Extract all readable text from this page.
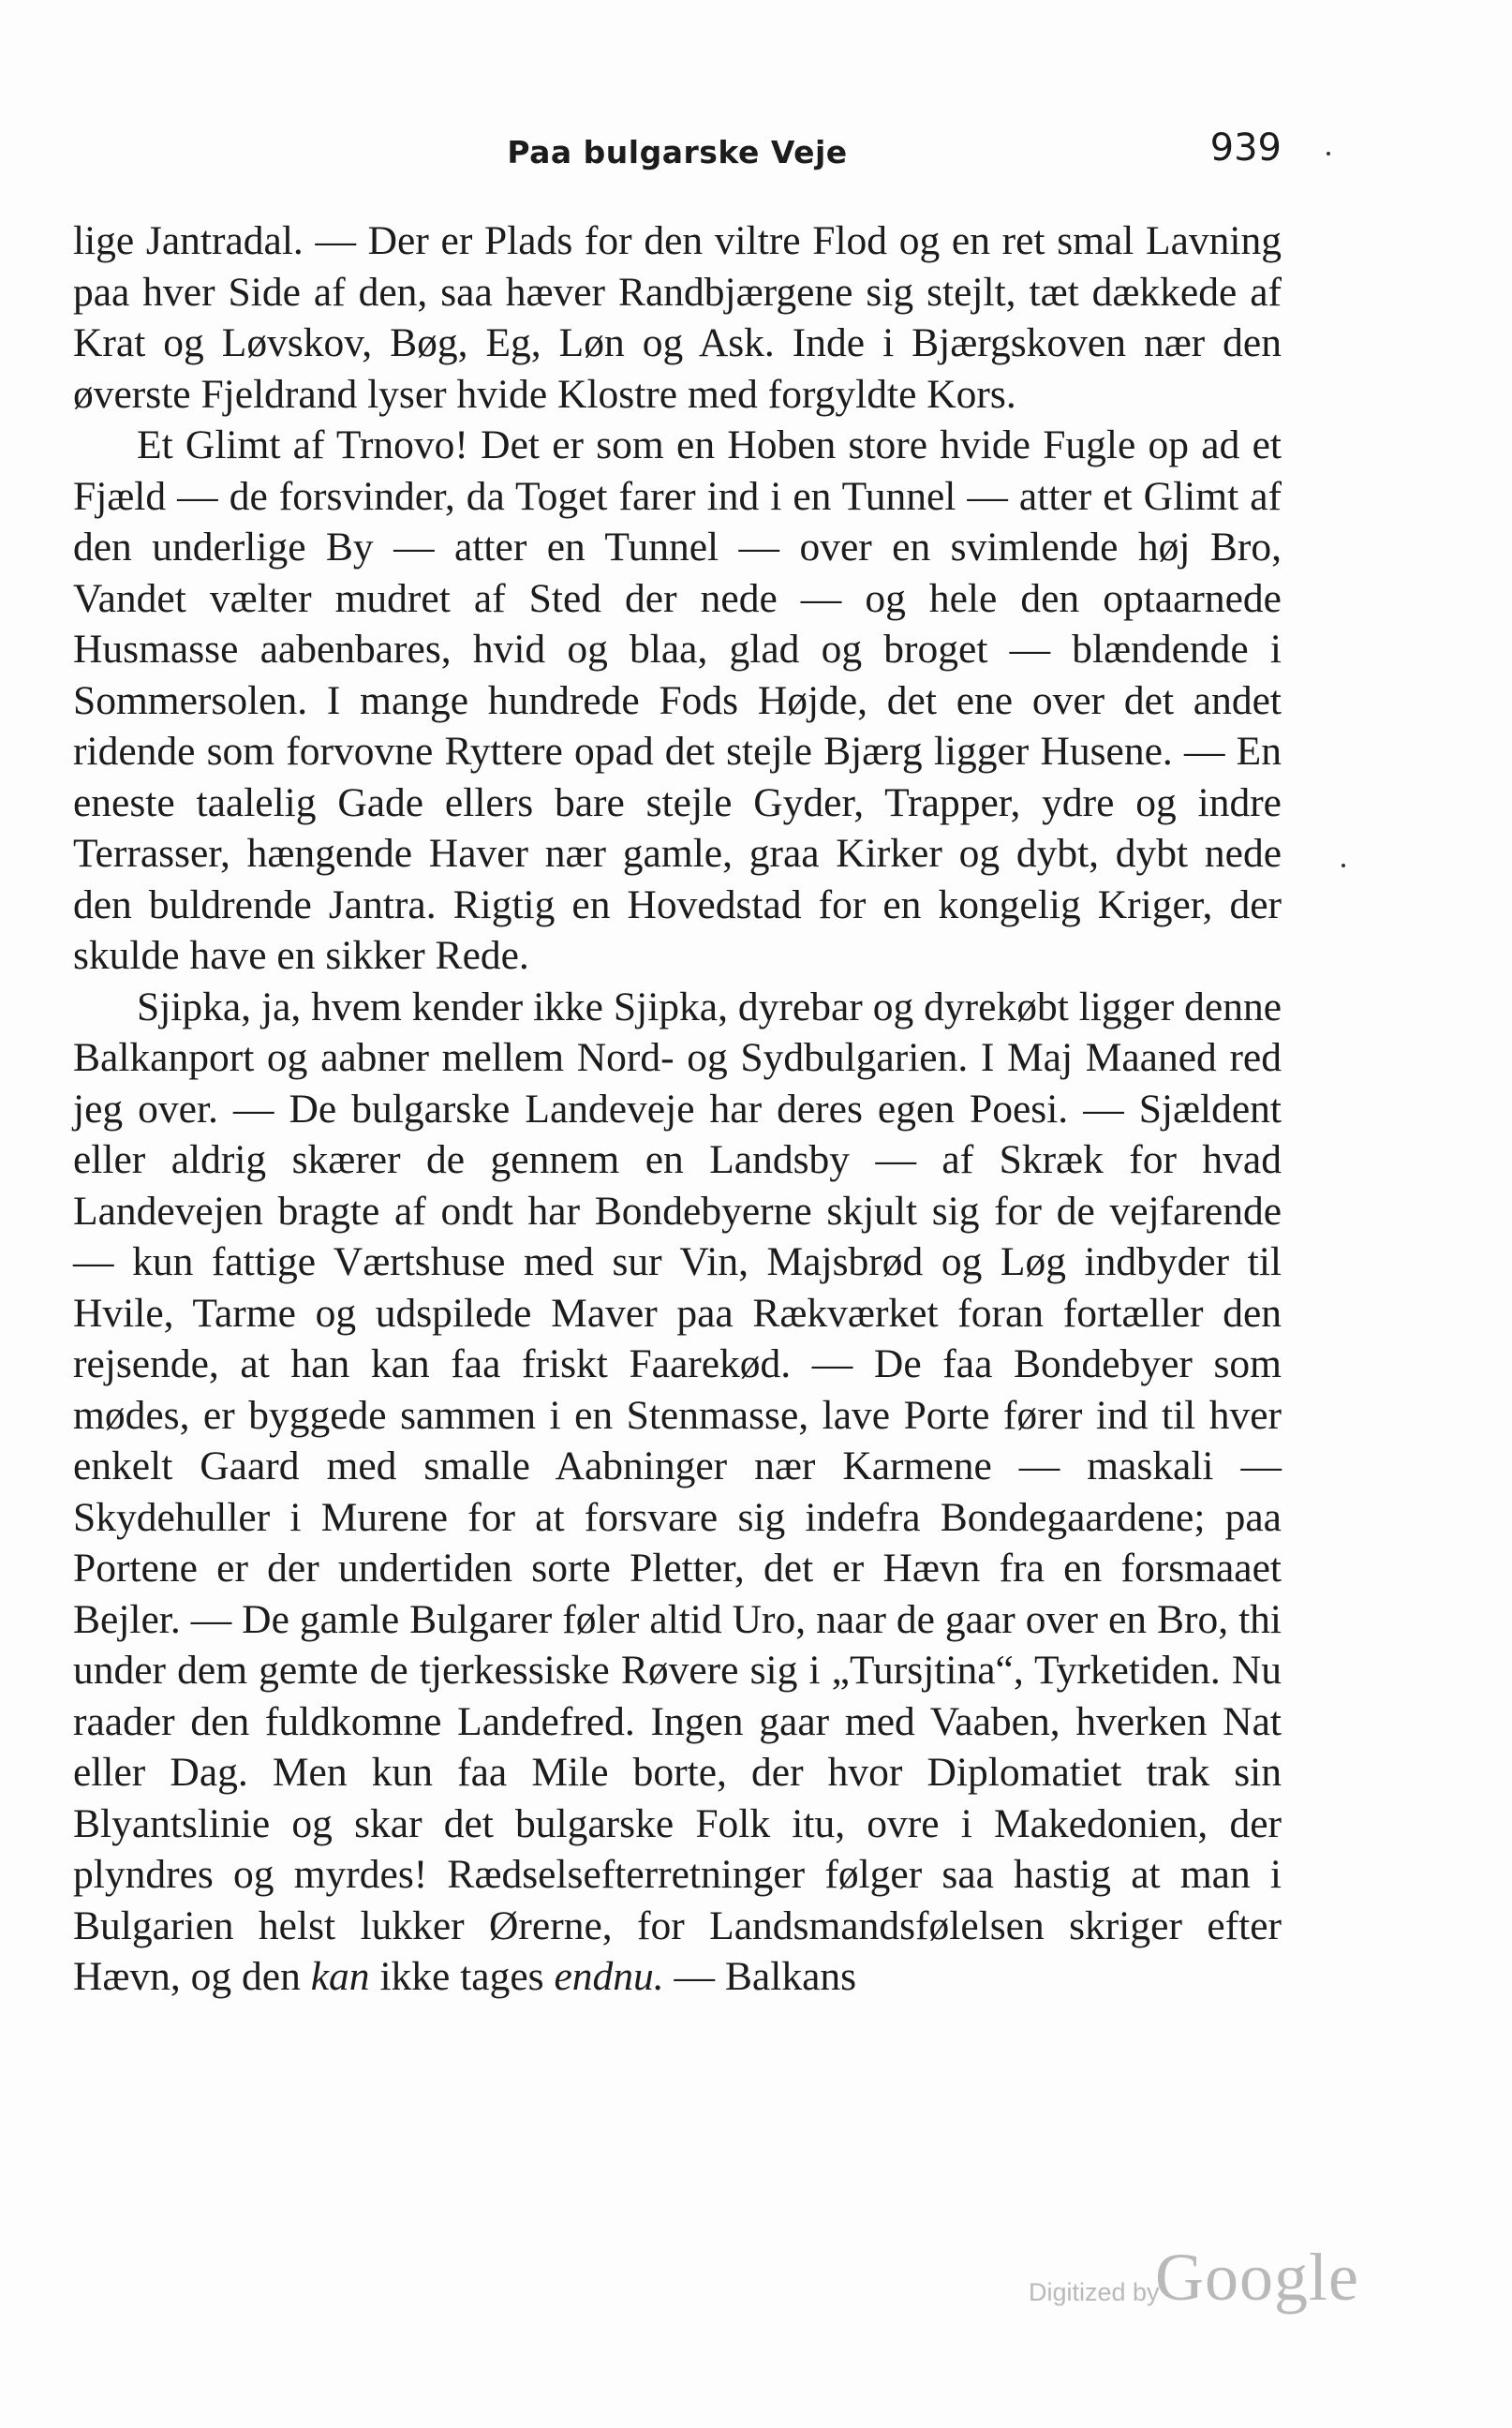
Paa bulgarske Veje	939

lige Jantradal. — Der er Plads for den viltre Flod og en ret smal Lavning paa hver Side af den, saa hæver Randbjærgene sig stejlt, tæt dækkede af Krat og Løvskov, Bøg, Eg, Løn og Ask. Inde i Bjærgskoven nær den øverste Fjeldrand lyser hvide Klostre med forgyldte Kors.

Et Glimt af Trnovo! Det er som en Hoben store hvide Fugle op ad et Fjæld — de forsvinder, da Toget farer ind i en Tunnel — atter et Glimt af den underlige By — atter en Tunnel — over en svimlende høj Bro, Vandet vælter mudret af Sted der nede — og hele den optaarnede Husmasse aabenbares, hvid og blaa, glad og broget — blændende i Sommersolen. I mange hundrede Fods Højde, det ene over det andet ridende som forvovne Ryttere opad det stejle Bjærg ligger Husene. — En eneste taalelig Gade ellers bare stejle Gyder, Trapper, ydre og indre Terrasser, hængende Haver nær gamle, graa Kirker og dybt, dybt nede den buldrende Jantra. Rigtig en Hovedstad for en kongelig Kriger, der skulde have en sikker Rede.

Sjipka, ja, hvem kender ikke Sjipka, dyrebar og dyrekøbt ligger denne Balkanport og aabner mellem Nord- og Sydbulgarien. I Maj Maaned red jeg over. — De bulgarske Landeveje har deres egen Poesi. — Sjældent eller aldrig skærer de gennem en Landsby — af Skræk for hvad Landevejen bragte af ondt har Bondebyerne skjult sig for de vejfarende — kun fattige Værtshuse med sur Vin, Majsbrød og Løg indbyder til Hvile, Tarme og udspilede Maver paa Rækværket foran fortæller den rejsende, at han kan faa friskt Faarekød. — De faa Bondebyer som mødes, er byggede sammen i en Stenmasse, lave Porte fører ind til hver enkelt Gaard med smalle Aabninger nær Karmene — maskali — Skydehuller i Murene for at forsvare sig indefra Bondegaardene; paa Portene er der undertiden sorte Pletter, det er Hævn fra en forsmaaet Bejler. — De gamle Bulgarer føler altid Uro, naar de gaar over en Bro, thi under dem gemte de tjerkessiske Røvere sig i „Tursjtina“, Tyrketiden. Nu raader den fuldkomne Landefred. Ingen gaar med Vaaben, hverken Nat eller Dag. Men kun faa Mile borte, der hvor Diplomatiet trak sin Blyantslinie og skar det bulgarske Folk itu, ovre i Makedonien, der plyndres og myrdes! Rædselsefterretninger følger saa hastig at man i Bulgarien helst lukker Ørerne, for Landsmandsfølelsen skriger efter Hævn, og den kan ikke tages endnu. — Balkans

Digitized by
Google
